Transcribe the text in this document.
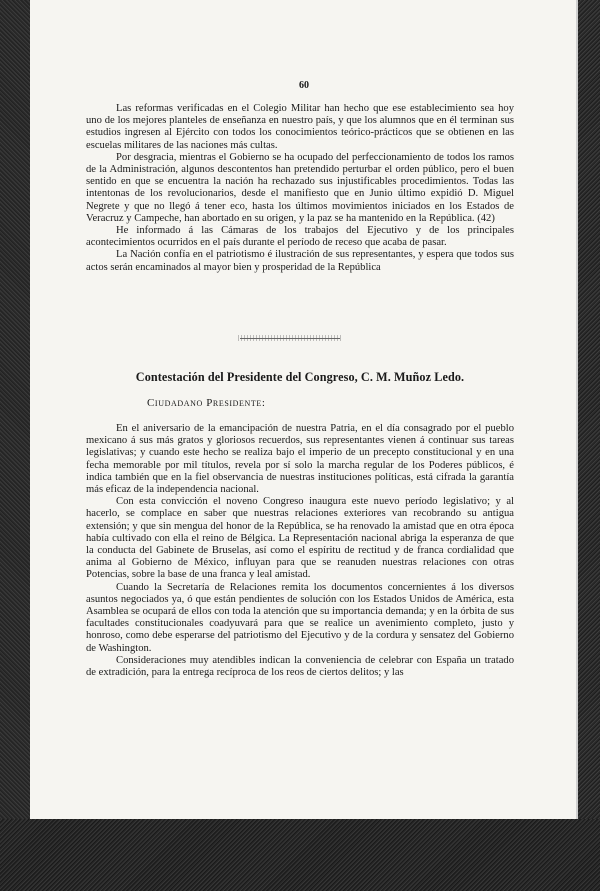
60

Las reformas verificadas en el Colegio Militar han hecho que ese establecimiento sea hoy uno de los mejores planteles de enseñanza en nuestro país, y que los alumnos que en él terminan sus estudios ingresen al Ejército con todos los conocimientos teórico-prácticos que se obtienen en las escuelas militares de las naciones más cultas.

Por desgracia, mientras el Gobierno se ha ocupado del perfeccionamiento de todos los ramos de la Administración, algunos descontentos han pretendido perturbar el orden público, pero el buen sentido en que se encuentra la nación ha rechazado sus injustificables procedimientos. Todas las intentonas de los revolucionarios, desde el manifiesto que en Junio último expidió D. Miguel Negrete y que no llegó á tener eco, hasta los últimos movimientos iniciados en los Estados de Veracruz y Campeche, han abortado en su origen, y la paz se ha mantenido en la República. (42)

He informado á las Cámaras de los trabajos del Ejecutivo y de los principales acontecimientos ocurridos en el país durante el período de receso que acaba de pasar.

La Nación confía en el patriotismo é ilustración de sus representantes, y espera que todos sus actos serán encaminados al mayor bien y prosperidad de la República

Contestación del Presidente del Congreso, C. M. Muñoz Ledo.
Ciudadano Presidente:

En el aniversario de la emancipación de nuestra Patria, en el día consagrado por el pueblo mexicano á sus más gratos y gloriosos recuerdos, sus representantes vienen á continuar sus tareas legislativas; y cuando este hecho se realiza bajo el imperio de un precepto constitucional y en una fecha memorable por mil títulos, revela por sí solo la marcha regular de los Poderes públicos, é indica también que en la fiel observancia de nuestras instituciones políticas, está cifrada la garantía más eficaz de la independencia nacional.

Con esta convicción el noveno Congreso inaugura este nuevo período legislativo; y al hacerlo, se complace en saber que nuestras relaciones exteriores van recobrando su antigua extensión; y que sin mengua del honor de la República, se ha renovado la amistad que en otra época había cultivado con ella el reino de Bélgica. La Representación nacional abriga la esperanza de que la conducta del Gabinete de Bruselas, así como el espíritu de rectitud y de franca cordialidad que anima al Gobierno de México, influyan para que se reanuden nuestras relaciones con otras Potencias, sobre la base de una franca y leal amistad.

Cuando la Secretaría de Relaciones remita los documentos concernientes á los diversos asuntos negociados ya, ó que están pendientes de solución con los Estados Unidos de América, esta Asamblea se ocupará de ellos con toda la atención que su importancia demanda; y en la órbita de sus facultades constitucionales coadyuvará para que se realice un avenimiento completo, justo y honroso, como debe esperarse del patriotismo del Ejecutivo y de la cordura y sensatez del Gobierno de Washington.

Consideraciones muy atendibles indican la conveniencia de celebrar con España un tratado de extradición, para la entrega recíproca de los reos de ciertos delitos; y las
